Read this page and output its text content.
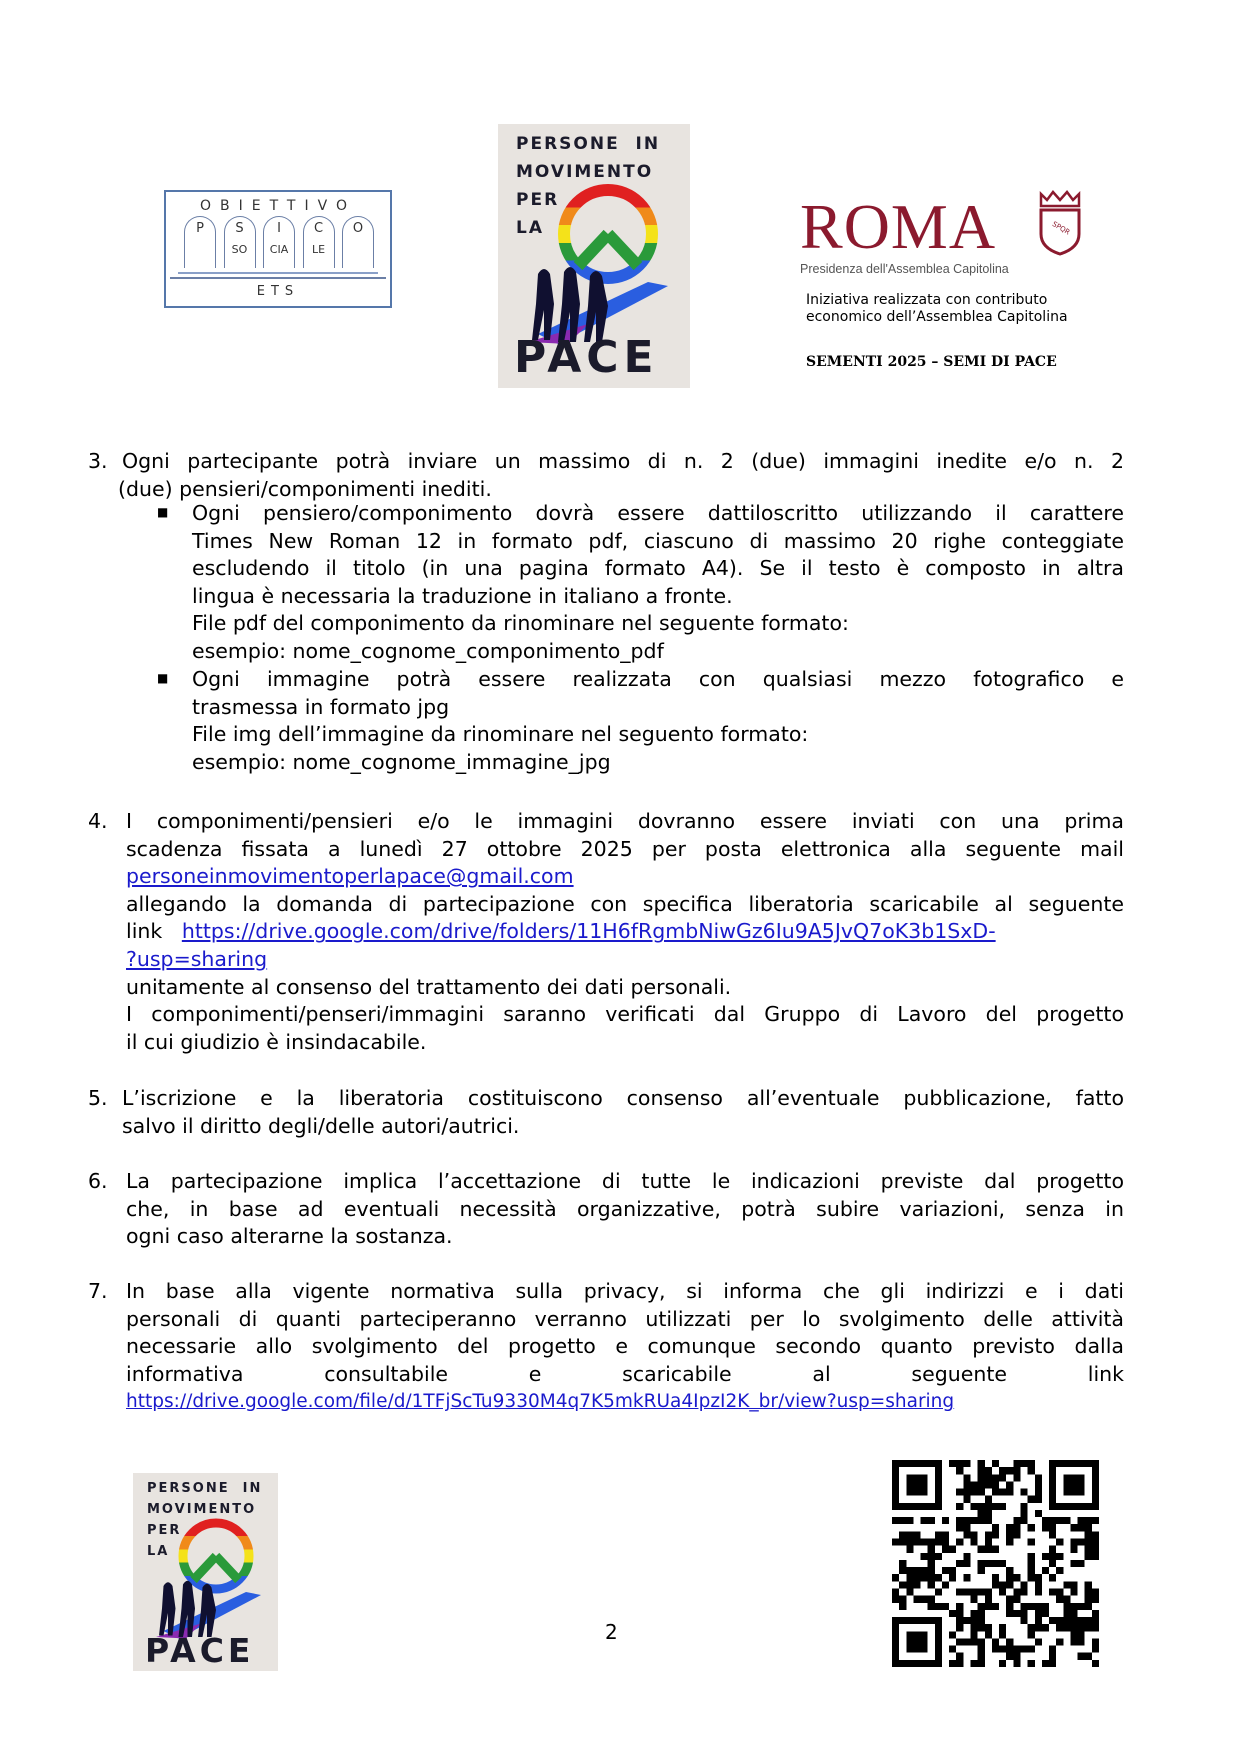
OBIETTIVO
P	S
SO
I
CIA
C
LE
O
ETS
PERSONE  IN
MOVIMENTO
PER
LA
PACE
ROMA	SPQR
Presidenza dell'Assemblea Capitolina
Iniziativa realizzata con contributo
economico dell’Assemblea Capitolina
SEMENTI 2025 – SEMI DI PACE
3. Ogni partecipante potrà inviare un massimo di n. 2 (due) immagini inedite e/o n. 2
(due) pensieri/componimenti inediti.
■ Ogni pensiero/componimento dovrà essere dattiloscritto utilizzando il carattere
Times New Roman 12 in formato pdf, ciascuno di massimo 20 righe conteggiate
escludendo il titolo (in una pagina formato A4). Se il testo è composto in altra
lingua è necessaria la traduzione in italiano a fronte.
File pdf del componimento da rinominare nel seguente formato:
esempio: nome_cognome_componimento_pdf
■ Ogni immagine potrà essere realizzata con qualsiasi mezzo fotografico e
trasmessa in formato jpg
File img dell’immagine da rinominare nel seguento formato:
esempio: nome_cognome_immagine_jpg
4. I componimenti/pensieri e/o le immagini dovranno essere inviati con una prima
scadenza fissata a lunedì 27 ottobre 2025 per posta elettronica alla seguente mail
personeinmovimentoperlapace@gmail.com
allegando la domanda di partecipazione con specifica liberatoria scaricabile al seguente
link https://drive.google.com/drive/folders/11H6fRgmbNiwGz6Iu9A5JvQ7oK3b1SxD-
?usp=sharing
unitamente al consenso del trattamento dei dati personali.
I componimenti/penseri/immagini saranno verificati dal Gruppo di Lavoro del progetto
il cui giudizio è insindacabile.
5. L’iscrizione e la liberatoria costituiscono consenso all’eventuale pubblicazione, fatto
salvo il diritto degli/delle autori/autrici.
6. La partecipazione implica l’accettazione di tutte le indicazioni previste dal progetto
che, in base ad eventuali necessità organizzative, potrà subire variazioni, senza in
ogni caso alterarne la sostanza.
7. In base alla vigente normativa sulla privacy, si informa che gli indirizzi e i dati
personali di quanti parteciperanno verranno utilizzati per lo svolgimento delle attività
necessarie allo svolgimento del progetto e comunque secondo quanto previsto dalla
informativa consultabile e scaricabile al seguente link
https://drive.google.com/file/d/1TFjScTu9330M4q7K5mkRUa4IpzI2K_br/view?usp=sharing
PERSONE  IN
MOVIMENTO
PER
LA
PACE	2
